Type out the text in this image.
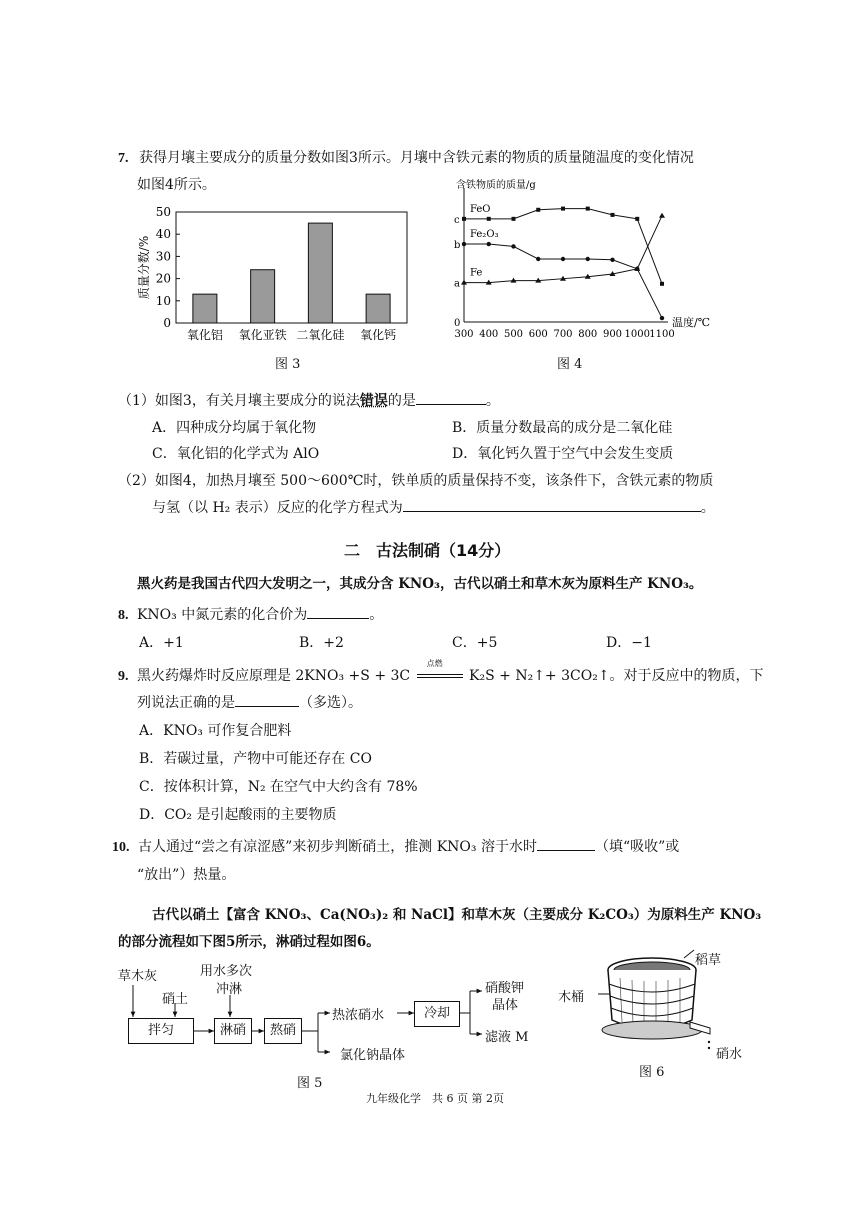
7. 获得月壤主要成分的质量分数如图3所示。月壤中含铁元素的物质的质量随温度的变化情况
如图4所示。
0
10
20
30
40
50
质量分数/%
氧化铝 氧化亚铁 二氧化硅 氧化钙
图 3
含铁物质的质量/g
温度/℃
300 400 500 600 700 800 900 1000 1100
c
b
a
0
FeO
Fe₂O₃
Fe
图 4
（1）如图3，有关月壤主要成分的说法错误的是	。
A．四种成分均属于氧化物	B．质量分数最高的成分是二氧化硅
C．氧化铝的化学式为 AlO	D．氧化钙久置于空气中会发生变质
（2）如图4，加热月壤至 500～600℃时，铁单质的质量保持不变，该条件下，含铁元素的物质
与氢（以 H₂ 表示）反应的化学方程式为	。
二　古法制硝（14分）
黑火药是我国古代四大发明之一，其成分含 KNO₃，古代以硝土和草木灰为原料生产 KNO₃。
8. KNO₃ 中氮元素的化合价为	。
A．+1	B．+2	C．+5	D．−1
9. 黑火药爆炸时反应原理是 2KNO₃ +S + 3C
点燃
K₂S + N₂↑+ 3CO₂↑。对于反应中的物质，下
列说法正确的是	（多选）。
A．KNO₃ 可作复合肥料
B．若碳过量，产物中可能还存在 CO
C．按体积计算，N₂ 在空气中大约含有 78%
D．CO₂ 是引起酸雨的主要物质
10. 古人通过“尝之有凉涩感”来初步判断硝土，推测 KNO₃ 溶于水时	（填“吸收”或
“放出”）热量。
古代以硝土【富含 KNO₃、Ca(NO₃)₂ 和 NaCl】和草木灰（主要成分 K₂CO₃）为原料生产 KNO₃
的部分流程如下图5所示，淋硝过程如图6。
草木灰
硝土
用水多次
冲淋
拌匀	淋硝	熬硝
热浓硝水	冷却
硝酸钾
晶体
滤液 M
氯化钠晶体
图 5
稻草
木桶
硝水
图 6
九年级化学　共 6 页 第 2页
